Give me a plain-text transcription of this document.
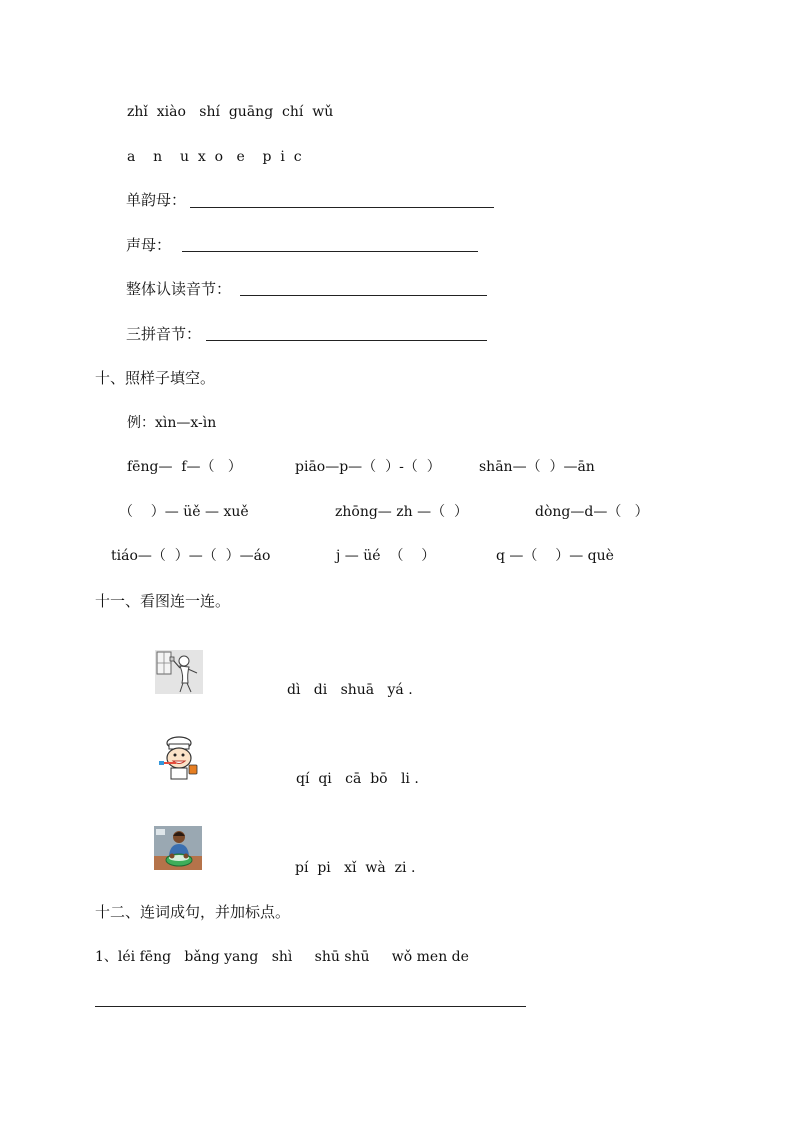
zhǐ  xiào   shí  guāng  chí  wǔ
a    n    u  x  o   e    p  i  c
单韵母：
声母：
整体认读音节：
三拼音节：
十、照样子填空。
例：xìn—x-ìn
fēng—  f—（   ）	piāo—p—（  ）-（  ）	shān—（  ）—ān
（    ）— üě — xuě	zhōng— zh —（  ）	dòng—d—（   ）
tiáo—（  ）—（  ）—áo	j — üé  （    ）	q —（    ）— què
十一、看图连一连。
dì   di   shuā   yá .
qí  qi   cā  bō   li .
pí  pi   xǐ  wà  zi .
十二、连词成句，并加标点。
1、léi fēng   bǎng yang   shì     shū shū     wǒ men de
